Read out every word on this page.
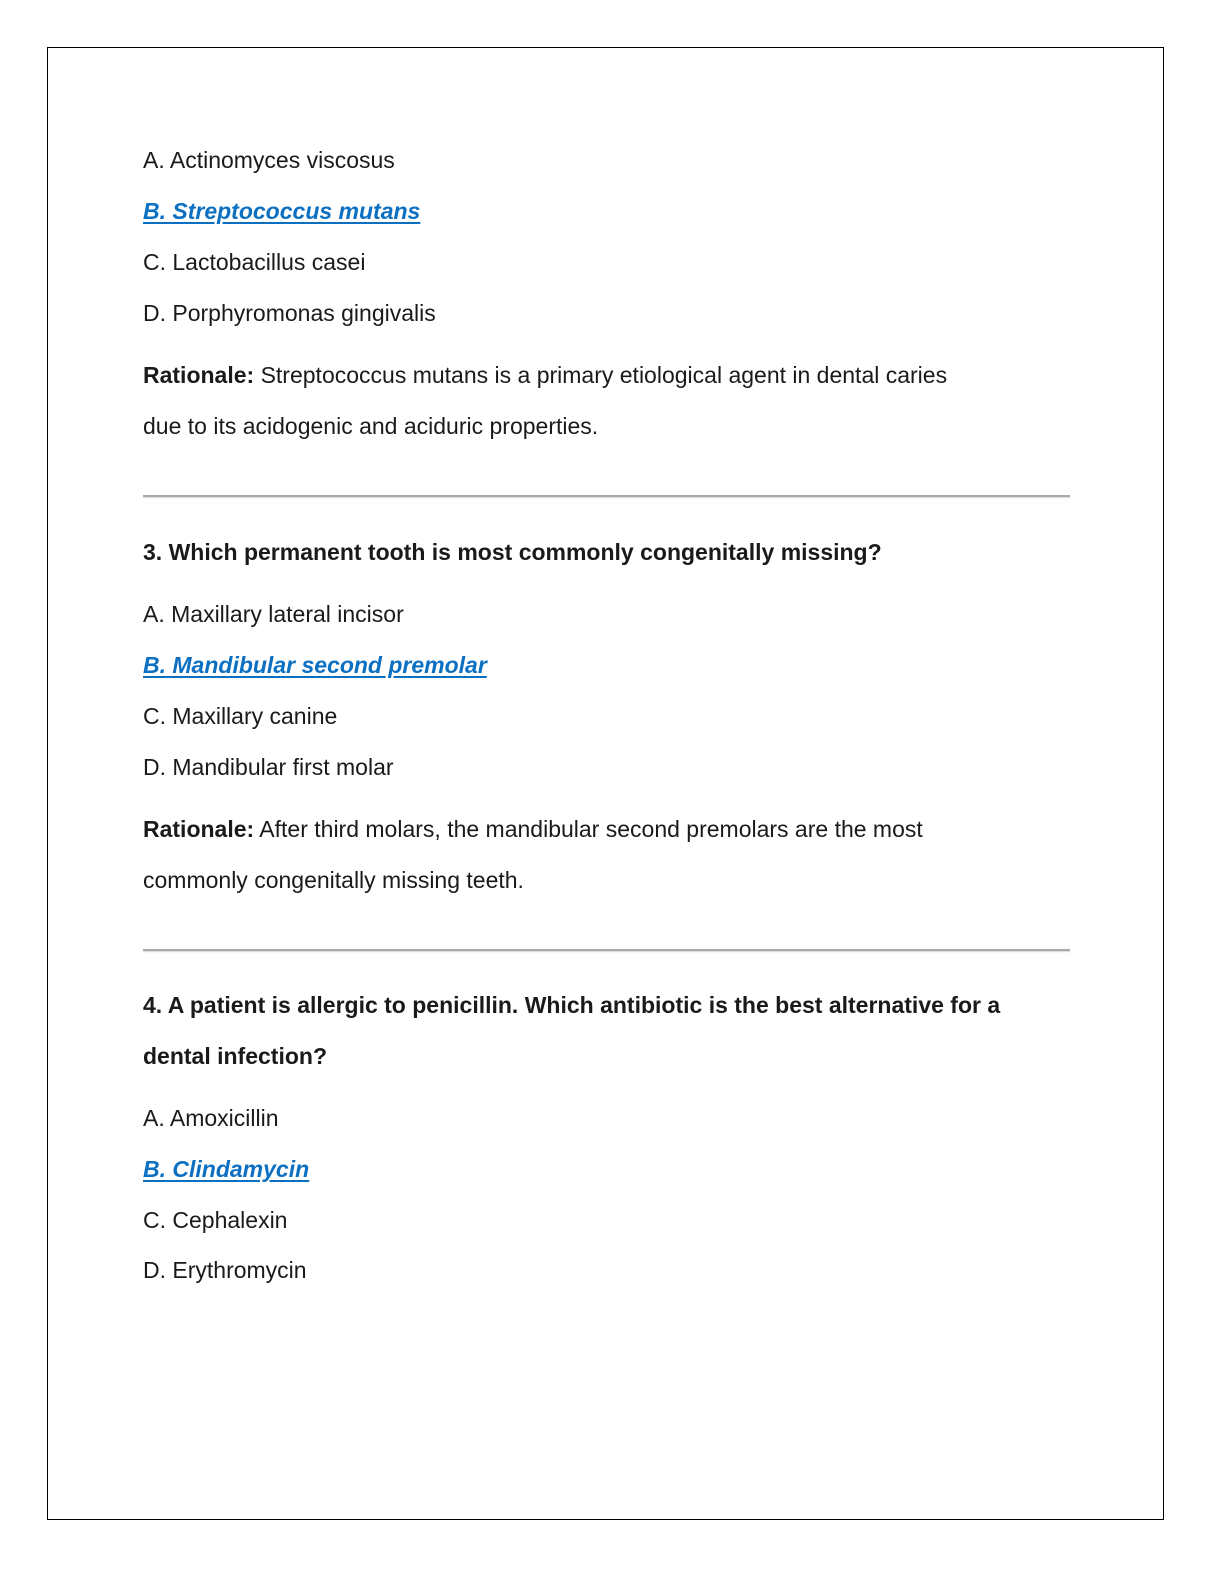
A. Actinomyces viscosus
B. Streptococcus mutans
C. Lactobacillus casei
D. Porphyromonas gingivalis
Rationale: Streptococcus mutans is a primary etiological agent in dental caries
due to its acidogenic and aciduric properties.
3. Which permanent tooth is most commonly congenitally missing?
A. Maxillary lateral incisor
B. Mandibular second premolar
C. Maxillary canine
D. Mandibular first molar
Rationale: After third molars, the mandibular second premolars are the most
commonly congenitally missing teeth.
4. A patient is allergic to penicillin. Which antibiotic is the best alternative for a
dental infection?
A. Amoxicillin
B. Clindamycin
C. Cephalexin
D. Erythromycin
